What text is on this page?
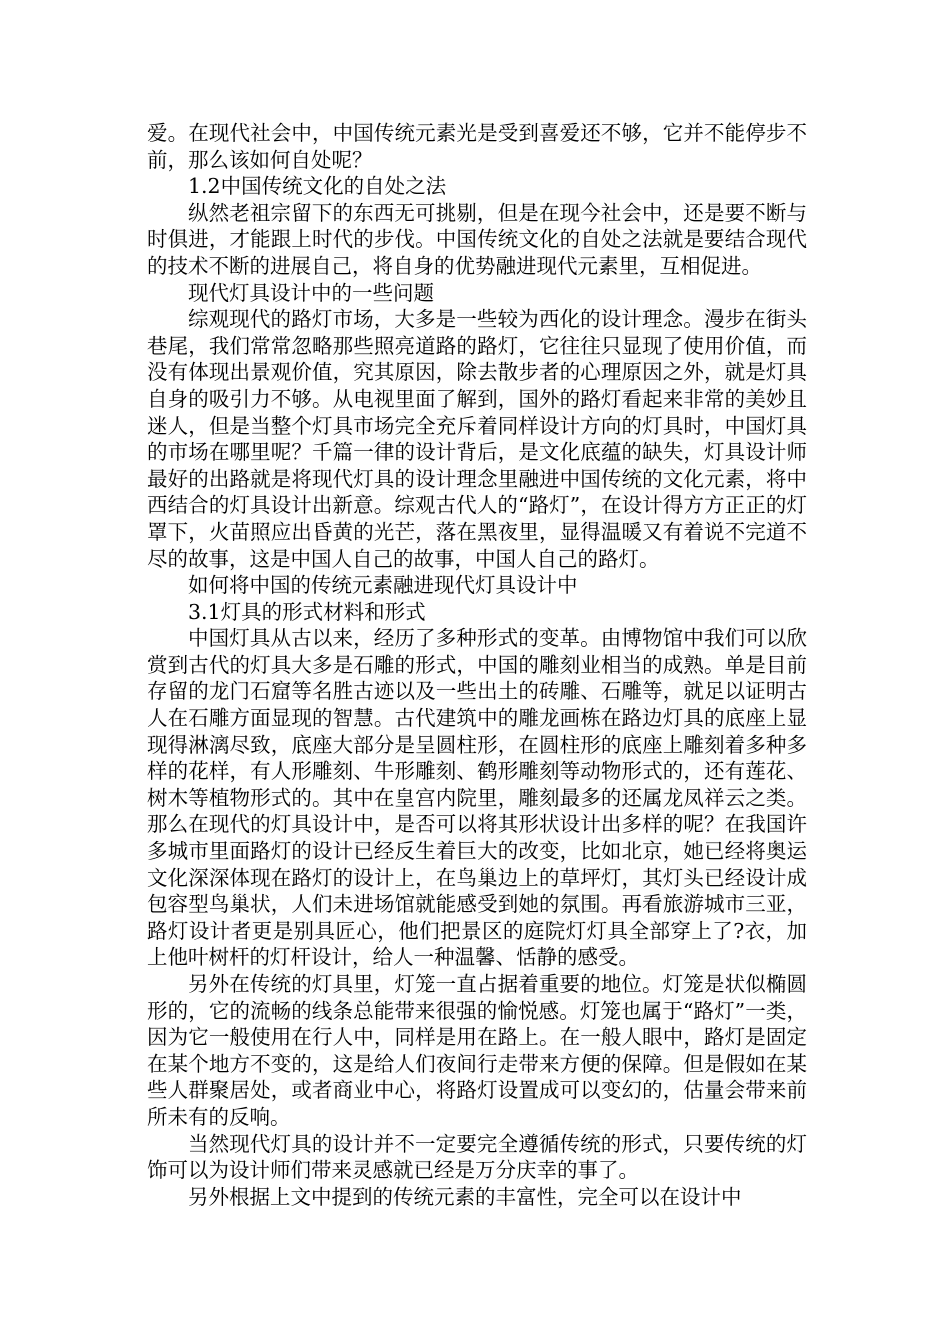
爱。在现代社会中，中国传统元素光是受到喜爱还不够，它并不能停步不前，那么该如何自处呢？

1.2中国传统文化的自处之法

纵然老祖宗留下的东西无可挑剔，但是在现今社会中，还是要不断与时俱进，才能跟上时代的步伐。中国传统文化的自处之法就是要结合现代的技术不断的进展自己，将自身的优势融进现代元素里，互相促进。

现代灯具设计中的一些问题

综观现代的路灯市场，大多是一些较为西化的设计理念。漫步在街头巷尾，我们常常忽略那些照亮道路的路灯，它往往只显现了使用价值，而没有体现出景观价值，究其原因，除去散步者的心理原因之外，就是灯具自身的吸引力不够。从电视里面了解到，国外的路灯看起来非常的美妙且迷人，但是当整个灯具市场完全充斥着同样设计方向的灯具时，中国灯具的市场在哪里呢？千篇一律的设计背后，是文化底蕴的缺失，灯具设计师最好的出路就是将现代灯具的设计理念里融进中国传统的文化元素，将中西结合的灯具设计出新意。综观古代人的“路灯”，在设计得方方正正的灯罩下，火苗照应出昏黄的光芒，落在黑夜里，显得温暖又有着说不完道不尽的故事，这是中国人自己的故事，中国人自己的路灯。

如何将中国的传统元素融进现代灯具设计中

3.1灯具的形式材料和形式

中国灯具从古以来，经历了多种形式的变革。由博物馆中我们可以欣赏到古代的灯具大多是石雕的形式，中国的雕刻业相当的成熟。单是目前存留的龙门石窟等名胜古迹以及一些出土的砖雕、石雕等，就足以证明古人在石雕方面显现的智慧。古代建筑中的雕龙画栋在路边灯具的底座上显现得淋漓尽致，底座大部分是呈圆柱形，在圆柱形的底座上雕刻着多种多样的花样，有人形雕刻、牛形雕刻、鹤形雕刻等动物形式的，还有莲花、树木等植物形式的。其中在皇宫内院里，雕刻最多的还属龙凤祥云之类。那么在现代的灯具设计中，是否可以将其形状设计出多样的呢？在我国许多城市里面路灯的设计已经反生着巨大的改变，比如北京，她已经将奥运文化深深体现在路灯的设计上，在鸟巢边上的草坪灯，其灯头已经设计成包容型鸟巢状，人们未进场馆就能感受到她的氛围。再看旅游城市三亚，路灯设计者更是别具匠心，他们把景区的庭院灯灯具全部穿上了?衣，加上他叶树杆的灯杆设计，给人一种温馨、恬静的感受。

另外在传统的灯具里，灯笼一直占据着重要的地位。灯笼是状似椭圆形的，它的流畅的线条总能带来很强的愉悦感。灯笼也属于“路灯”一类，因为它一般使用在行人中，同样是用在路上。在一般人眼中，路灯是固定在某个地方不变的，这是给人们夜间行走带来方便的保障。但是假如在某些人群聚居处，或者商业中心，将路灯设置成可以变幻的，估量会带来前所未有的反响。

当然现代灯具的设计并不一定要完全遵循传统的形式，只要传统的灯饰可以为设计师们带来灵感就已经是万分庆幸的事了。

另外根据上文中提到的传统元素的丰富性，完全可以在设计中
